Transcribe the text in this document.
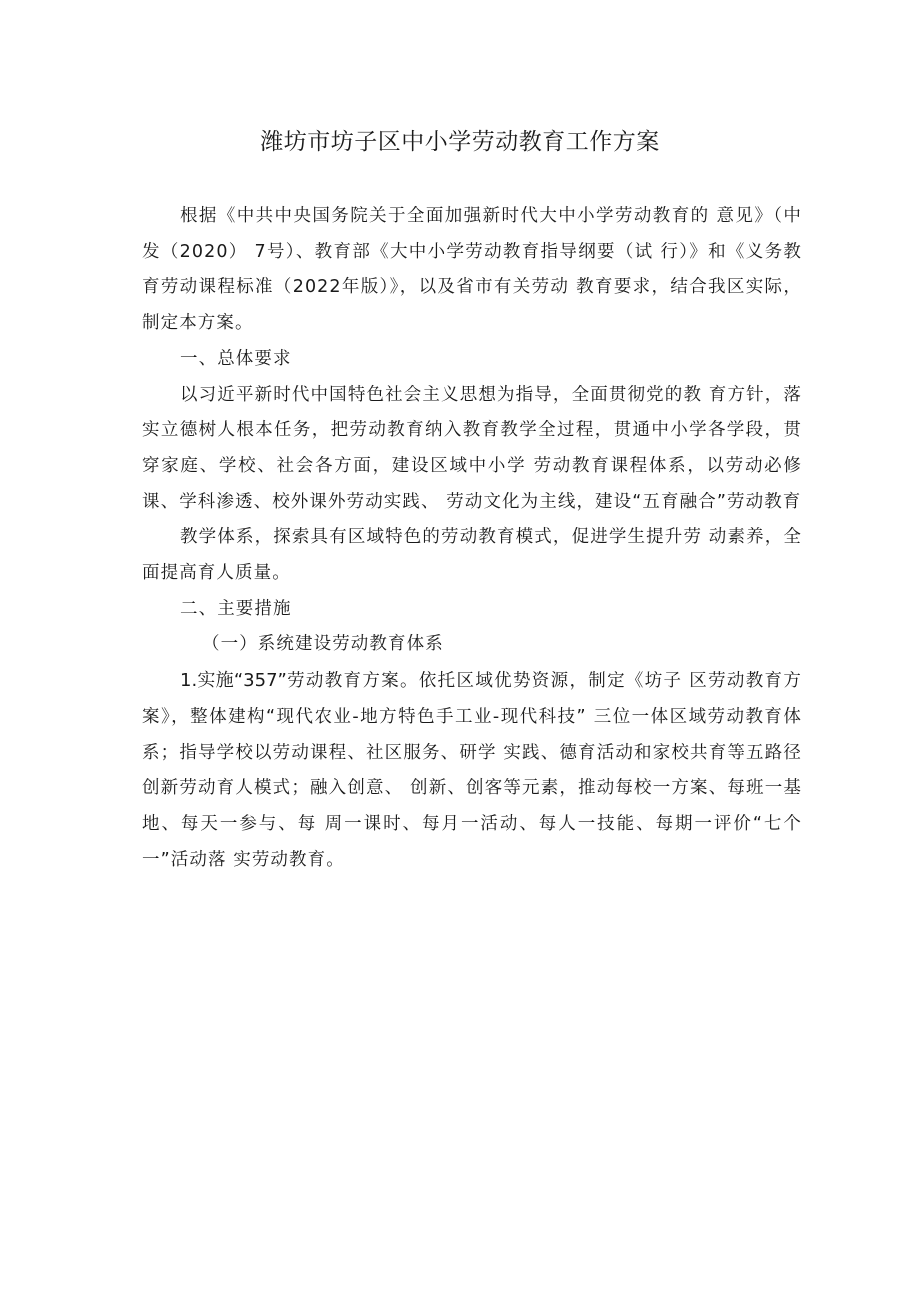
潍坊市坊子区中小学劳动教育工作方案

根据《中共中央国务院关于全面加强新时代大中小学劳动教育的 意见》（中发（2020） 7号）、教育部《大中小学劳动教育指导纲要（试 行）》和《义务教育劳动课程标准（2022年版）》，以及省市有关劳动 教育要求，结合我区实际，制定本方案。

一、总体要求

以习近平新时代中国特色社会主义思想为指导，全面贯彻党的教 育方针，落实立德树人根本任务，把劳动教育纳入教育教学全过程，贯通中小学各学段，贯穿家庭、学校、社会各方面，建设区域中小学 劳动教育课程体系，以劳动必修课、学科渗透、校外课外劳动实践、 劳动文化为主线，建设“五育融合”劳动教育

教学体系，探索具有区域特色的劳动教育模式，促进学生提升劳 动素养，全面提高育人质量。

二、主要措施

（一）系统建设劳动教育体系

1.实施“357”劳动教育方案。依托区域优势资源，制定《坊子 区劳动教育方案》，整体建构“现代农业-地方特色手工业-现代科技” 三位一体区域劳动教育体系；指导学校以劳动课程、社区服务、研学 实践、德育活动和家校共育等五路径创新劳动育人模式；融入创意、 创新、创客等元素，推动每校一方案、每班一基地、每天一参与、每 周一课时、每月一活动、每人一技能、每期一评价“七个一”活动落 实劳动教育。
